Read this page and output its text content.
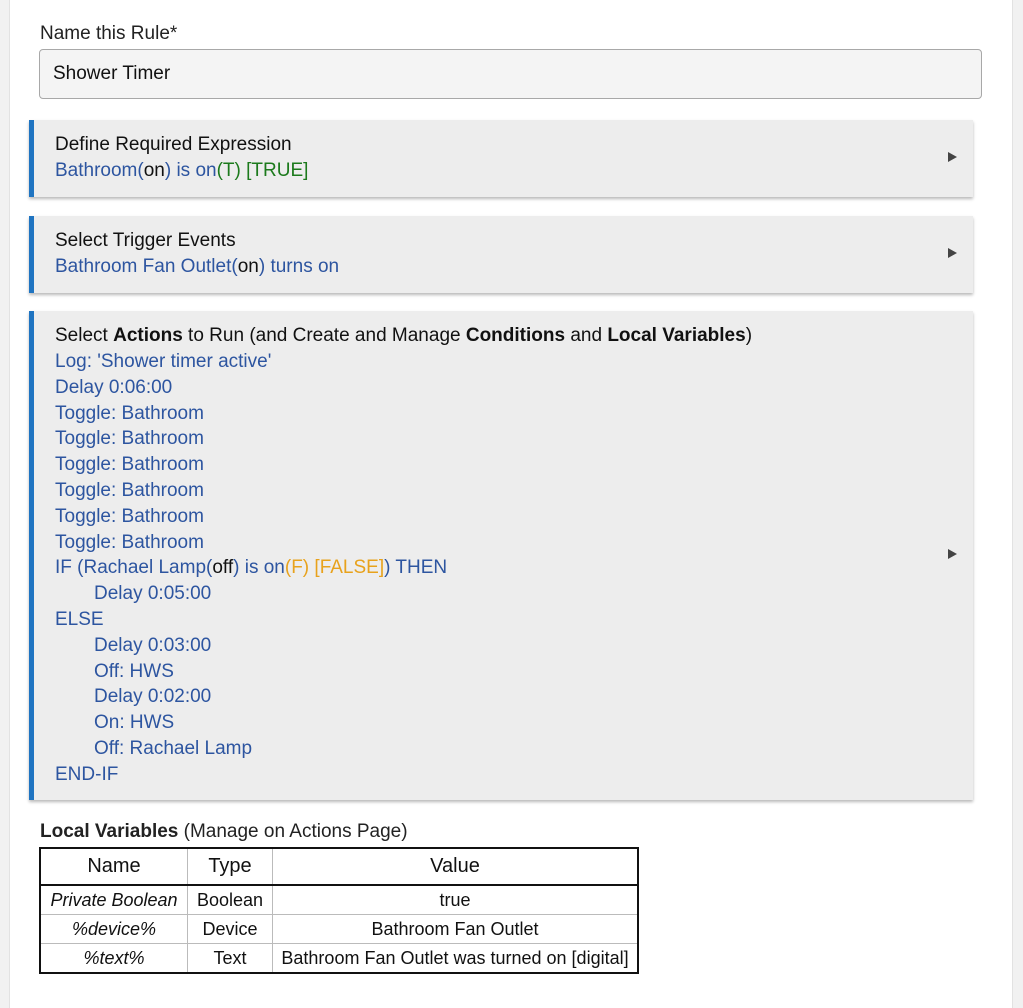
Name this Rule*
Shower Timer
Define Required Expression
Bathroom(on) is on(T) [TRUE]
Select Trigger Events
Bathroom Fan Outlet(on) turns on
Select Actions to Run (and Create and Manage Conditions and Local Variables)
Log: 'Shower timer active'
Delay 0:06:00
Toggle: Bathroom
Toggle: Bathroom
Toggle: Bathroom
Toggle: Bathroom
Toggle: Bathroom
Toggle: Bathroom
IF (Rachael Lamp(off) is on(F) [FALSE]) THEN
Delay 0:05:00
ELSE
Delay 0:03:00
Off: HWS
Delay 0:02:00
On: HWS
Off: Rachael Lamp
END-IF
Local Variables (Manage on Actions Page)
Name	Type	Value
Private Boolean	Boolean	true
%device%	Device	Bathroom Fan Outlet
%text%	Text	Bathroom Fan Outlet was turned on [digital]
